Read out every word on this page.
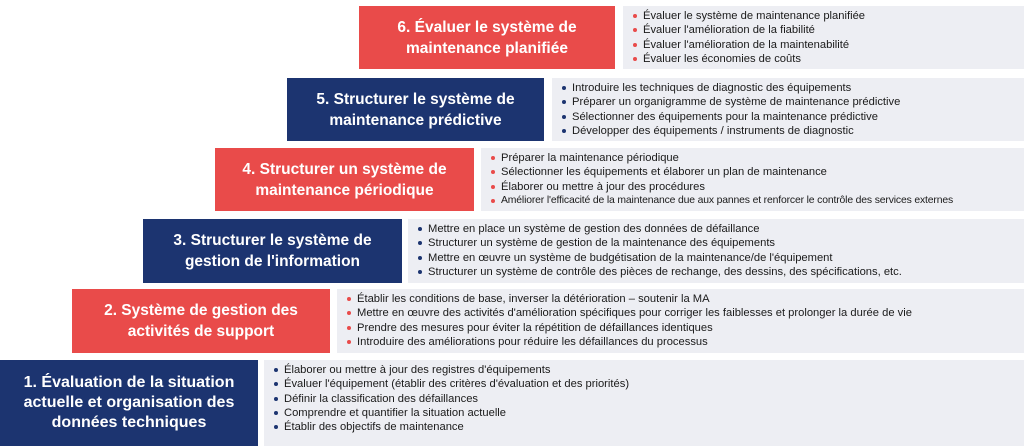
6. Évaluer le système de maintenance planifiée
Évaluer le système de maintenance planifiée
Évaluer l'amélioration de la fiabilité
Évaluer l'amélioration de la maintenabilité
Évaluer les économies de coûts
5. Structurer le système de maintenance prédictive
Introduire les techniques de diagnostic des équipements
Préparer un organigramme de système de maintenance prédictive
Sélectionner des équipements pour la maintenance prédictive
Développer des équipements / instruments de diagnostic
4. Structurer un système de maintenance périodique
Préparer la maintenance périodique
Sélectionner les équipements et élaborer un plan de maintenance
Élaborer ou mettre à jour des procédures
Améliorer l'efficacité de la maintenance due aux pannes et renforcer le contrôle des services externes
3. Structurer le système de gestion de l'information
Mettre en place un système de gestion des données de défaillance
Structurer un système de gestion de la maintenance des équipements
Mettre en œuvre un système de budgétisation de la maintenance/de l'équipement
Structurer un système de contrôle des pièces de rechange, des dessins, des spécifications, etc.
2. Système de gestion des activités de support
Établir les conditions de base, inverser la détérioration – soutenir la MA
Mettre en œuvre des activités d'amélioration spécifiques pour corriger les faiblesses et prolonger la durée de vie
Prendre des mesures pour éviter la répétition de défaillances identiques
Introduire des améliorations pour réduire les défaillances du processus
1. Évaluation de la situation actuelle et organisation des données techniques
Élaborer ou mettre à jour des registres d'équipements
Évaluer l'équipement (établir des critères d'évaluation et des priorités)
Définir la classification des défaillances
Comprendre et quantifier la situation actuelle
Établir des objectifs de maintenance
